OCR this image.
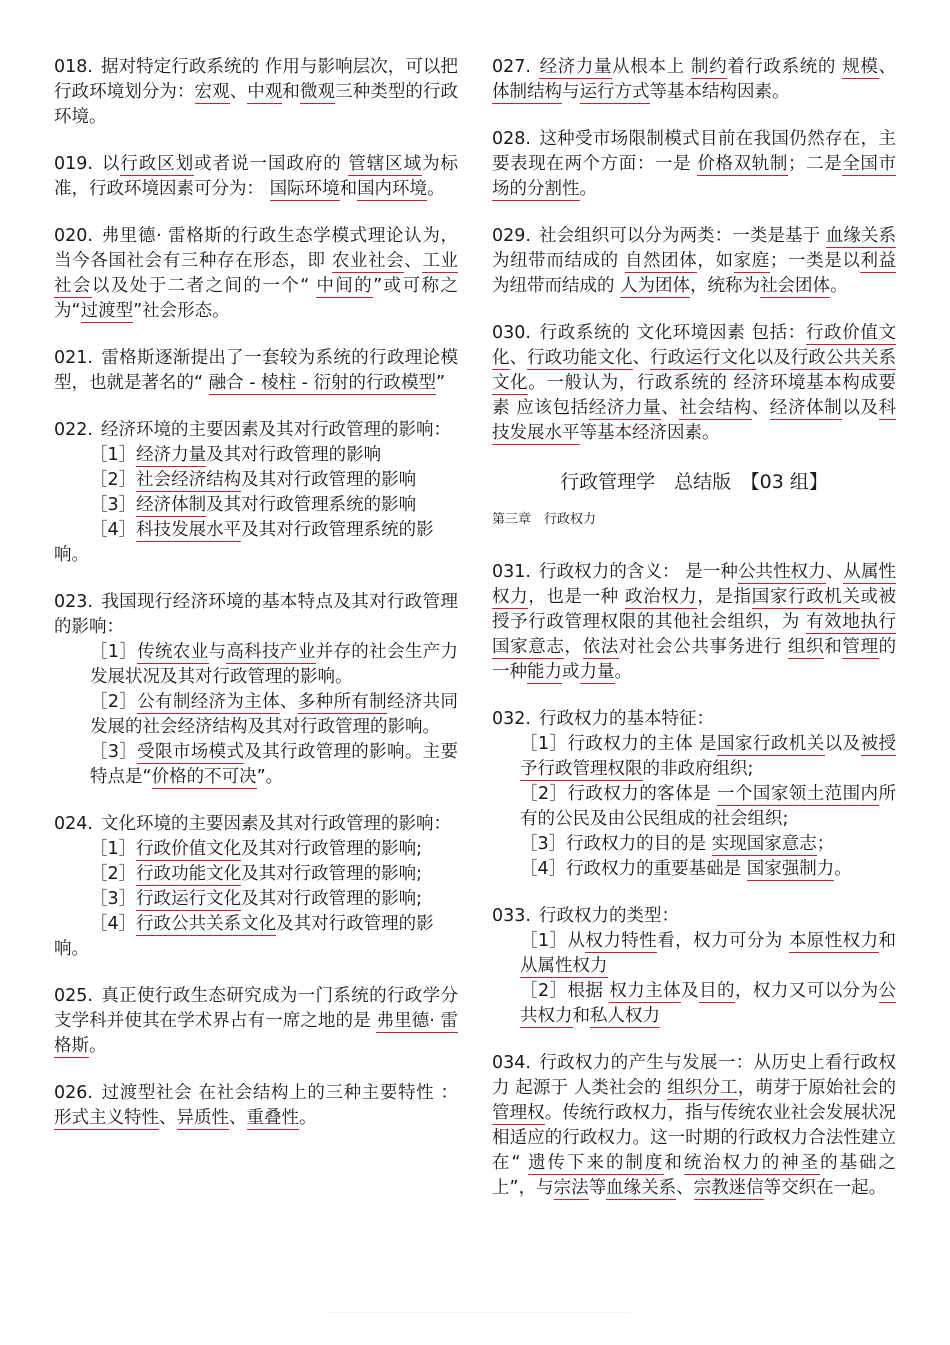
018. 据对特定行政系统的 作用与影响层次，可以把行政环境划分为：宏观、中观和微观三种类型的行政环境。
019. 以行政区划或者说一国政府的 管辖区域为标准，行政环境因素可分为： 国际环境和国内环境。
020. 弗里德· 雷格斯的行政生态学模式理论认为，当今各国社会有三种存在形态，即 农业社会、工业社会以及处于二者之间的一个“ 中间的”或可称之为“过渡型”社会形态。
021. 雷格斯逐渐提出了一套较为系统的行政理论模型，也就是著名的“ 融合 - 棱柱 - 衍射的行政模型”
022. 经济环境的主要因素及其对行政管理的影响：
［1］经济力量及其对行政管理的影响
［2］社会经济结构及其对行政管理的影响
［3］经济体制及其对行政管理系统的影响
［4］科技发展水平及其对行政管理系统的影
响。
023. 我国现行经济环境的基本特点及其对行政管理的影响：
［1］传统农业与高科技产业并存的社会生产力发展状况及其对行政管理的影响。
［2］公有制经济为主体、多种所有制经济共同发展的社会经济结构及其对行政管理的影响。
［3］受限市场模式及其行政管理的影响。主要特点是“价格的不可决”。
024. 文化环境的主要因素及其对行政管理的影响：
［1］行政价值文化及其对行政管理的影响;
［2］行政功能文化及其对行政管理的影响;
［3］行政运行文化及其对行政管理的影响;
［4］行政公共关系文化及其对行政管理的影
响。
025. 真正使行政生态研究成为一门系统的行政学分支学科并使其在学术界占有一席之地的是 弗里德· 雷格斯。
026. 过渡型社会 在社会结构上的三种主要特性 ：形式主义特性、异质性、重叠性。
027. 经济力量从根本上 制约着行政系统的 规模、体制结构与运行方式等基本结构因素。
028. 这种受市场限制模式目前在我国仍然存在，主要表现在两个方面：一是 价格双轨制；二是全国市场的分割性。
029. 社会组织可以分为两类：一类是基于 血缘关系为纽带而结成的 自然团体，如家庭；一类是以利益为纽带而结成的 人为团体，统称为社会团体。
030. 行政系统的 文化环境因素 包括：行政价值文化、行政功能文化、行政运行文化以及行政公共关系文化。一般认为，行政系统的 经济环境基本构成要素 应该包括经济力量、社会结构、经济体制以及科技发展水平等基本经济因素。
行政管理学　总结版　【03 组】
第三章　行政权力
031. 行政权力的含义： 是一种公共性权力、从属性权力，也是一种 政治权力，是指国家行政机关或被授予行政管理权限的其他社会组织，为 有效地执行国家意志，依法对社会公共事务进行 组织和管理的一种能力或力量。
032. 行政权力的基本特征：
［1］行政权力的主体 是国家行政机关以及被授予行政管理权限的非政府组织;
［2］行政权力的客体是 一个国家领土范围内所有的公民及由公民组成的社会组织;
［3］行政权力的目的是 实现国家意志；
［4］行政权力的重要基础是 国家强制力。
033. 行政权力的类型：
［1］从权力特性看，权力可分为 本原性权力和从属性权力
［2］根据 权力主体及目的，权力又可以分为公共权力和私人权力
034. 行政权力的产生与发展一：从历史上看行政权力 起源于 人类社会的 组织分工，萌芽于原始社会的管理权。传统行政权力，指与传统农业社会发展状况相适应的行政权力。这一时期的行政权力合法性建立在“ 遗传下来的制度和统治权力的神圣的基础之上”，与宗法等血缘关系、宗教迷信等交织在一起。
